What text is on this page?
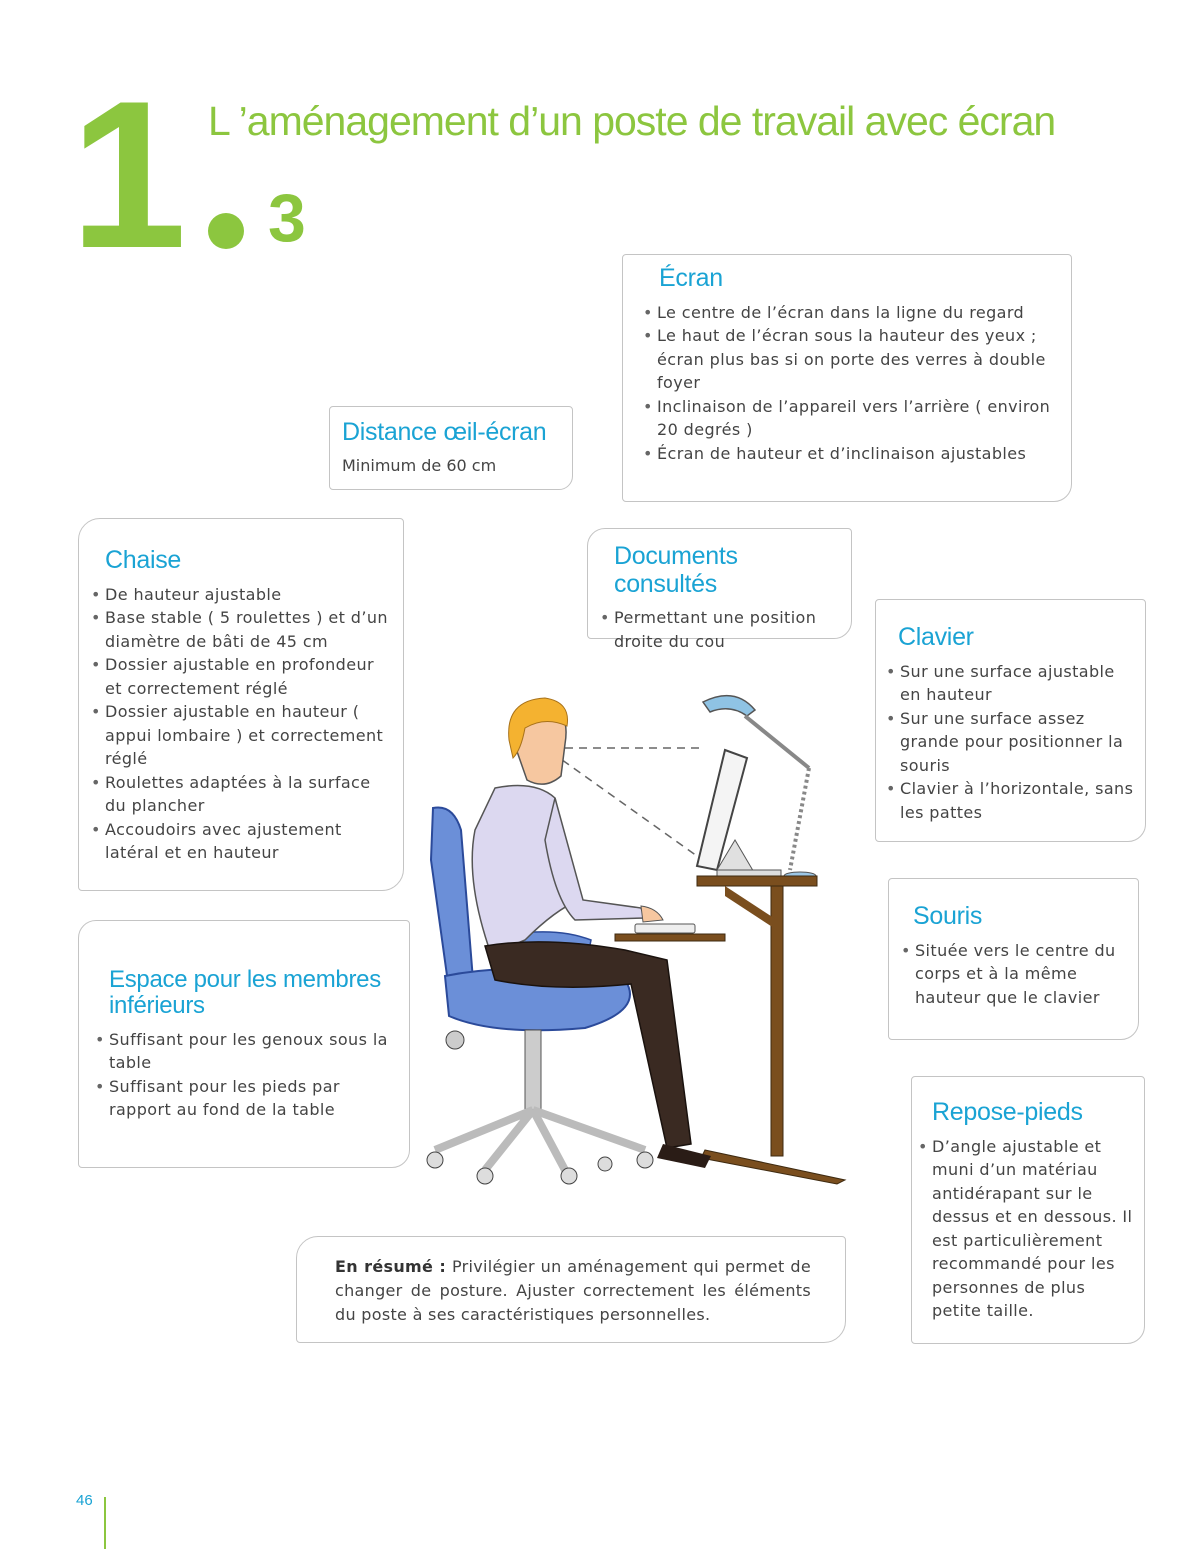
1 3
L ’aménagement d’un poste de travail avec écran
Écran
• Le centre de l’écran dans la ligne du regard
• Le haut de l’écran sous la hauteur des yeux ; écran plus bas si on porte des verres à double foyer
• Inclinaison de l’appareil vers l’arrière ( environ 20 degrés )
• Écran de hauteur et d’inclinaison ajustables
Distance œil-écran
Minimum de 60 cm
Chaise
• De hauteur ajustable
• Base stable ( 5 roulettes ) et d’un diamètre de bâti de 45 cm
• Dossier ajustable en profondeur et correctement réglé
• Dossier ajustable en hauteur ( appui lombaire ) et correctement réglé
• Roulettes adaptées à la surface du plancher
• Accoudoirs avec ajustement latéral et en hauteur
Documents consultés
• Permettant une position droite du cou	Clavier
• Sur une surface ajustable en hauteur
• Sur une surface assez grande pour positionner la souris
• Clavier à l’horizontale, sans les pattes
Espace pour les membres inférieurs
• Suffisant pour les genoux sous la table
• Suffisant pour les pieds par rapport au fond de la table
Souris
• Située vers le centre du corps et à la même hauteur que le clavier
Repose-pieds
• D’angle ajustable et muni d’un matériau antidérapant sur le dessus et en dessous. Il est particulièrement recommandé pour les personnes de plus petite taille.
En résumé : Privilégier un aménagement qui permet de changer de posture. Ajuster correctement les éléments du poste à ses caractéristiques personnelles.
46
